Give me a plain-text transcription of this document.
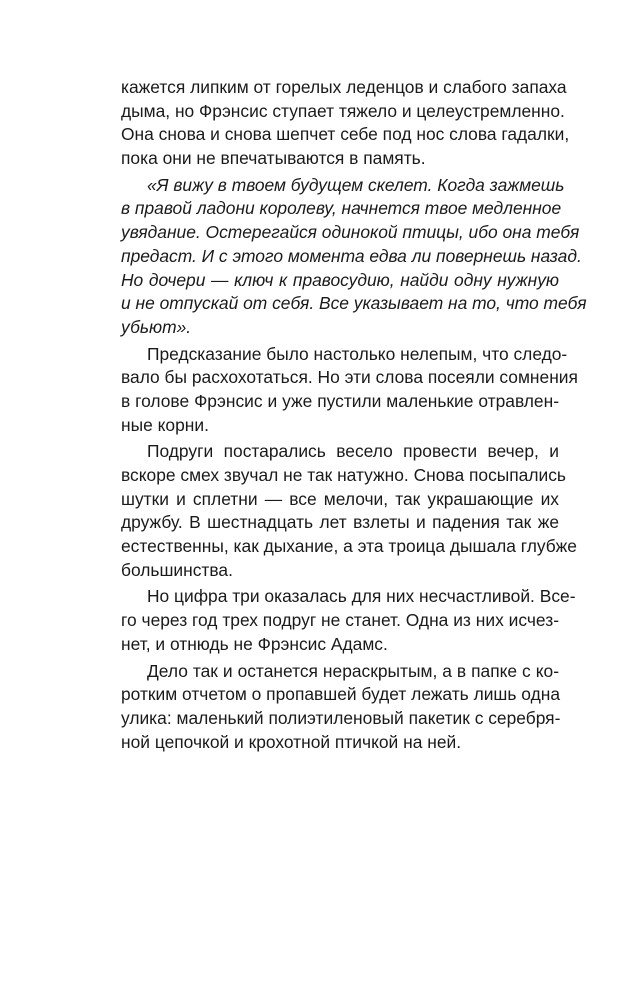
кажется липким от горелых леденцов и слабого запаха
дыма, но Фрэнсис ступает тяжело и целеустремленно.
Она снова и снова шепчет себе под нос слова гадалки,
пока они не впечатываются в память.
«Я вижу в твоем будущем скелет. Когда зажмешь
в правой ладони королеву, начнется твое медленное
увядание. Остерегайся одинокой птицы, ибо она тебя
предаст. И с этого момента едва ли повернешь назад.
Но дочери — ключ к правосудию, найди одну нужную
и не отпускай от себя. Все указывает на то, что тебя
убьют».
Предсказание было настолько нелепым, что следо-
вало бы расхохотаться. Но эти слова посеяли сомнения
в голове Фрэнсис и уже пустили маленькие отравлен-
ные корни.
Подруги постарались весело провести вечер, и
вскоре смех звучал не так натужно. Снова посыпались
шутки и сплетни — все мелочи, так украшающие их
дружбу. В шестнадцать лет взлеты и падения так же
естественны, как дыхание, а эта троица дышала глубже
большинства.
Но цифра три оказалась для них несчастливой. Все-
го через год трех подруг не станет. Одна из них исчез-
нет, и отнюдь не Фрэнсис Адамс.
Дело так и останется нераскрытым, а в папке с ко-
ротким отчетом о пропавшей будет лежать лишь одна
улика: маленький полиэтиленовый пакетик с серебря-
ной цепочкой и крохотной птичкой на ней.
